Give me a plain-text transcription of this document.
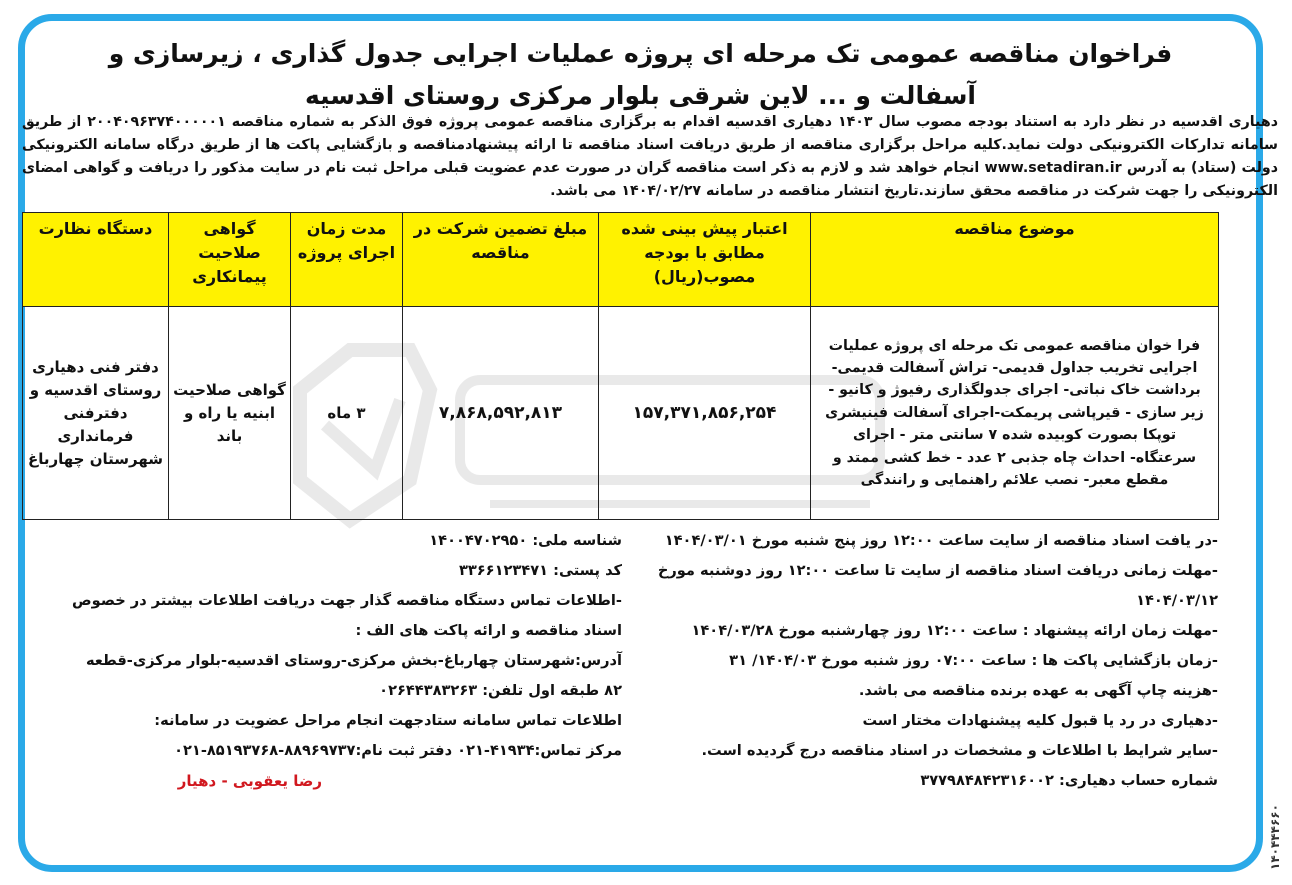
فراخوان مناقصه عمومی تک مرحله ای پروژه عملیات اجرایی جدول گذاری ، زیرسازی و
آسفالت و ... لاین شرقی بلوار مرکزی روستای اقدسیه
دهیاری اقدسیه در نظر دارد به استناد بودجه مصوب سال ۱۴۰۳ دهیاری اقدسیه اقدام به برگزاری مناقصه عمومی پروژه فوق الذکر به شماره مناقصه ۲۰۰۴۰۹۶۳۷۴۰۰۰۰۰۱ از طریق سامانه تدارکات الکترونیکی دولت نماید.کلیه مراحل برگزاری مناقصه از طریق دریافت اسناد مناقصه تا ارائه پیشنهادمناقصه و بازگشایی پاکت ها از طریق درگاه سامانه الکترونیکی دولت (ستاد) به آدرس www.setadiran.ir انجام خواهد شد و لازم به ذکر است مناقصه گران در صورت عدم عضویت قبلی مراحل ثبت نام در سایت مذکور را دریافت و گواهی امضای الکترونیکی را جهت شرکت در مناقصه محقق سازند.تاریخ انتشار مناقصه در سامانه ۱۴۰۴/۰۲/۲۷ می باشد.
موضوع مناقصه	اعتبار پیش بینی شده مطابق با بودجه مصوب(ریال)	مبلغ تضمین شرکت در مناقصه	مدت زمان اجرای پروژه	گواهی صلاحیت پیمانکاری	دستگاه نظارت
فرا خوان مناقصه عمومی تک مرحله ای پروژه عملیات اجرایی تخریب جداول قدیمی- تراش آسفالت قدیمی-برداشت خاک نباتی- اجرای جدولگذاری رفیوژ و کانیو - زیر سازی - قیرپاشی پریمکت-اجرای آسفالت فینیشری توپکا بصورت کوبیده شده ۷ سانتی متر - اجرای سرعتگاه- احداث چاه جذبی ۲ عدد - خط کشی ممتد و مقطع معبر- نصب علائم راهنمایی و رانندگی	۱۵۷,۳۷۱,۸۵۶,۲۵۴	۷,۸۶۸,۵۹۲,۸۱۳	۳ ماه	گواهی صلاحیت ابنیه یا راه و باند	دفتر فنی دهیاری روستای اقدسیه و دفترفنی فرمانداری شهرستان چهارباغ
-در یافت اسناد مناقصه از سایت ساعت ۱۲:۰۰ روز پنج شنبه مورخ ۱۴۰۴/۰۳/۰۱
-مهلت زمانی دریافت اسناد مناقصه از سایت تا ساعت ۱۲:۰۰ روز دوشنبه مورخ
۱۴۰۴/۰۳/۱۲
-مهلت زمان ارائه پیشنهاد : ساعت ۱۲:۰۰ روز چهارشنبه مورخ ۱۴۰۴/۰۳/۲۸
-زمان بازگشایی پاکت ها : ساعت ۰۷:۰۰ روز شنبه مورخ ۱۴۰۴/۰۳/ ۳۱
-هزینه چاپ آگهی به عهده برنده مناقصه می باشد.
-دهیاری در رد یا قبول کلیه پیشنهادات مختار است
-سایر شرایط با اطلاعات و مشخصات در اسناد مناقصه درج گردیده است.
شماره حساب دهیاری: ۳۷۷۹۸۴۸۴۲۳۱۶۰۰۲
شناسه ملی: ۱۴۰۰۴۷۰۲۹۵۰
کد پستی: ۳۳۶۶۱۲۳۴۷۱
-اطلاعات تماس دستگاه مناقصه گذار جهت دریافت اطلاعات بیشتر در خصوص
اسناد مناقصه و ارائه پاکت های الف :
آدرس:شهرستان چهارباغ-بخش مرکزی-روستای اقدسیه-بلوار مرکزی-قطعه
۸۲ طبقه اول تلفن: ۰۲۶۴۴۳۸۳۲۶۳
اطلاعات تماس سامانه ستادجهت انجام مراحل عضویت در سامانه:
مرکز تماس:۴۱۹۳۴-۰۲۱ دفتر ثبت نام:۸۸۹۶۹۷۳۷-۸۵۱۹۳۷۶۸-۰۲۱
رضا یعقوبی - دهیار
۱۴۰۴۴۴۶۶۰
